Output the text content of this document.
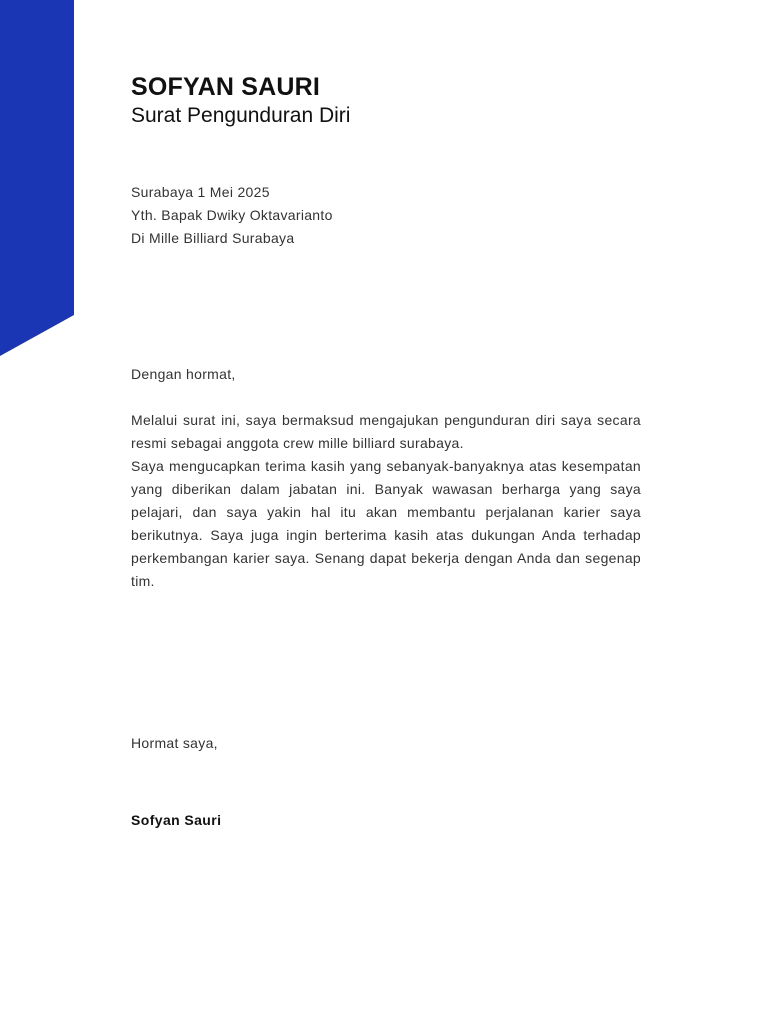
SOFYAN SAURI
Surat Pengunduran Diri
Surabaya 1 Mei 2025
Yth. Bapak Dwiky Oktavarianto
Di Mille Billiard Surabaya
Dengan hormat,

Melalui surat ini, saya bermaksud mengajukan pengunduran diri saya secara resmi sebagai anggota crew mille billiard surabaya.

Saya mengucapkan terima kasih yang sebanyak-banyaknya atas kesempatan yang diberikan dalam jabatan ini. Banyak wawasan berharga yang saya pelajari, dan saya yakin hal itu akan membantu perjalanan karier saya berikutnya. Saya juga ingin berterima kasih atas dukungan Anda terhadap perkembangan karier saya. Senang dapat bekerja dengan Anda dan segenap tim.

Hormat saya,
Sofyan Sauri
